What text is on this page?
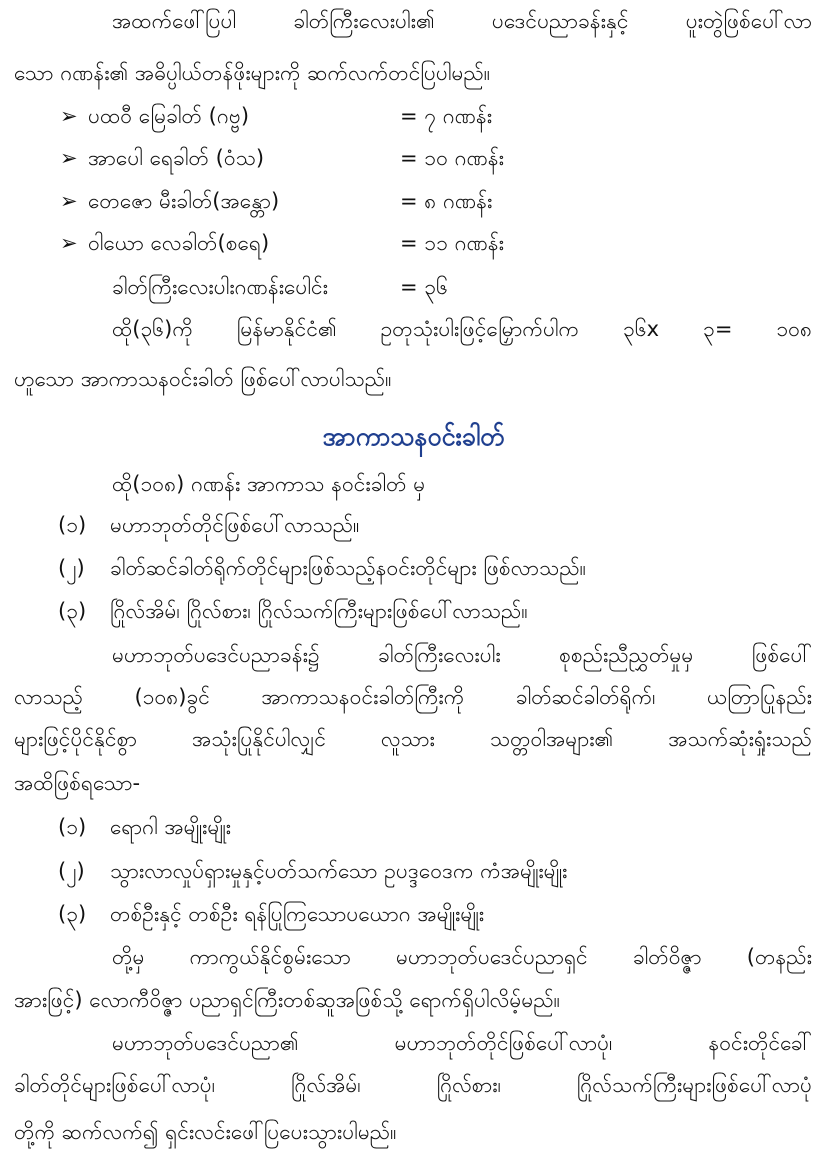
အထက်ဖေါ်ပြပါ	ခါတ်ကြီးလေးပါး၏	ပဒေင်ပညာခန်းနှင့်	ပူးတွဲဖြစ်ပေါ်လာ
သော ဂဏန်း၏ အဓိပ္ပါယ်တန်ဖိုးများကို ဆက်လက်တင်ပြပါမည်။
➢ ပထဝီ မြေခါတ် (ဂဗ္ဗ)	= ၇ ဂဏန်း
➢ အာပေါ ရေခါတ် (ဝံသ)	= ၁၀ ဂဏန်း
➢ တေဇော မီးခါတ်(အန္တော)	= ၈ ဂဏန်း
➢ ဝါယော လေခါတ်(စရေ)	= ၁၁ ဂဏန်း
ခါတ်ကြီးလေးပါးဂဏန်းပေါင်း	= ၃၆
ထို(၃၆)ကို မြန်မာနိုင်ငံ၏ ဥတုသုံးပါးဖြင့်မြှောက်ပါက ၃၆x ၃= ၁၀၈
ဟူသော အာကာသနဝင်းခါတ် ဖြစ်ပေါ်လာပါသည်။
အာကာသနဝင်းခါတ်
ထို(၁၀၈) ဂဏန်း အာကာသ နဝင်းခါတ် မှ
(၁) မဟာဘုတ်တိုင်ဖြစ်ပေါ်လာသည်။
(၂) ခါတ်ဆင်ခါတ်ရိုက်တိုင်များဖြစ်သည့်နဝင်းတိုင်များ ဖြစ်လာသည်။
(၃) ဂြိုလ်အိမ်၊ ဂြိုလ်စား၊ ဂြိုလ်သက်ကြီးများဖြစ်ပေါ်လာသည်။
မဟာဘုတ်ပဒေင်ပညာခန်း၌	ခါတ်ကြီးလေးပါး	စုစည်းညီညွှတ်မှုမှ	ဖြစ်ပေါ်
လာသည့် (၁၀၈)ခွင် အာကာသနဝင်းခါတ်ကြီးကို ခါတ်ဆင်ခါတ်ရိုက်၊ ယတြာပြုနည်း
များဖြင့်ပိုင်နိုင်စွာ	အသုံးပြုနိုင်ပါလျှင်	လူသား	သတ္တဝါအများ၏	အသက်ဆုံးရှုံးသည်
အထိဖြစ်ရသော-
(၁) ရောဂါ အမျိုးမျိုး
(၂) သွားလာလှုပ်ရှားမှုနှင့်ပတ်သက်သော ဥပဒ္ဒဝေဒက ကံအမျိုးမျိုး
(၃) တစ်ဦးနှင့် တစ်ဦး ရန်ပြုကြသောပယောဂ အမျိုးမျိုး
တို့မှ ကာကွယ်နိုင်စွမ်းသော မဟာဘုတ်ပဒေင်ပညာရှင် ခါတ်ဝိဇ္ဇာ (တနည်း
အားဖြင့်) လောကီဝိဇ္ဇာ ပညာရှင်ကြီးတစ်ဆူအဖြစ်သို့ ရောက်ရှိပါလိမ့်မည်။
မဟာဘုတ်ပဒေင်ပညာ၏	မဟာဘုတ်တိုင်ဖြစ်ပေါ်လာပုံ၊	နဝင်းတိုင်ခေါ်
ခါတ်တိုင်များဖြစ်ပေါ်လာပုံ၊	ဂြိုလ်အိမ်၊	ဂြိုလ်စား၊	ဂြိုလ်သက်ကြီးများဖြစ်ပေါ်လာပုံ
တို့ကို ဆက်လက်၍ ရှင်းလင်းဖေါ်ပြပေးသွားပါမည်။
